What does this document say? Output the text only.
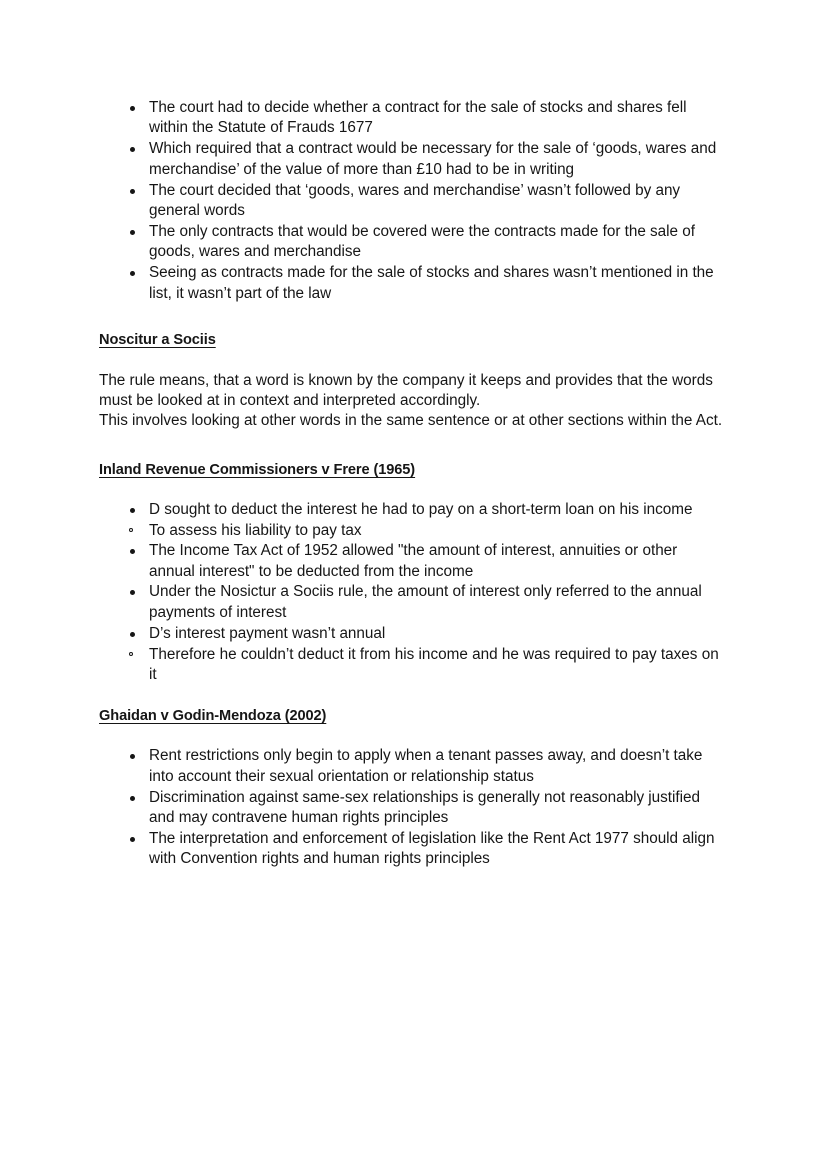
The court had to decide whether a contract for the sale of stocks and shares fell within the Statute of Frauds 1677
Which required that a contract would be necessary for the sale of ‘goods, wares and merchandise’ of the value of more than £10 had to be in writing
The court decided that ‘goods, wares and merchandise’ wasn’t followed by any general words
The only contracts that would be covered were the contracts made for the sale of goods, wares and merchandise
Seeing as contracts made for the sale of stocks and shares wasn’t mentioned in the list, it wasn’t part of the law
Noscitur a Sociis

The rule means, that a word is known by the company it keeps and provides that the words must be looked at in context and interpreted accordingly.

This involves looking at other words in the same sentence or at other sections within the Act.

Inland Revenue Commissioners v Frere (1965)
D sought to deduct the interest he had to pay on a short-term loan on his income
To assess his liability to pay tax
The Income Tax Act of 1952 allowed "the amount of interest, annuities or other annual interest" to be deducted from the income
Under the Nosictur a Sociis rule, the amount of interest only referred to the annual payments of interest
D’s interest payment wasn’t annual
Therefore he couldn’t deduct it from his income and he was required to pay taxes on it
Ghaidan v Godin-Mendoza (2002)
Rent restrictions only begin to apply when a tenant passes away, and doesn’t take into account their sexual orientation or relationship status
Discrimination against same-sex relationships is generally not reasonably justified and may contravene human rights principles
The interpretation and enforcement of legislation like the Rent Act 1977 should align with Convention rights and human rights principles
